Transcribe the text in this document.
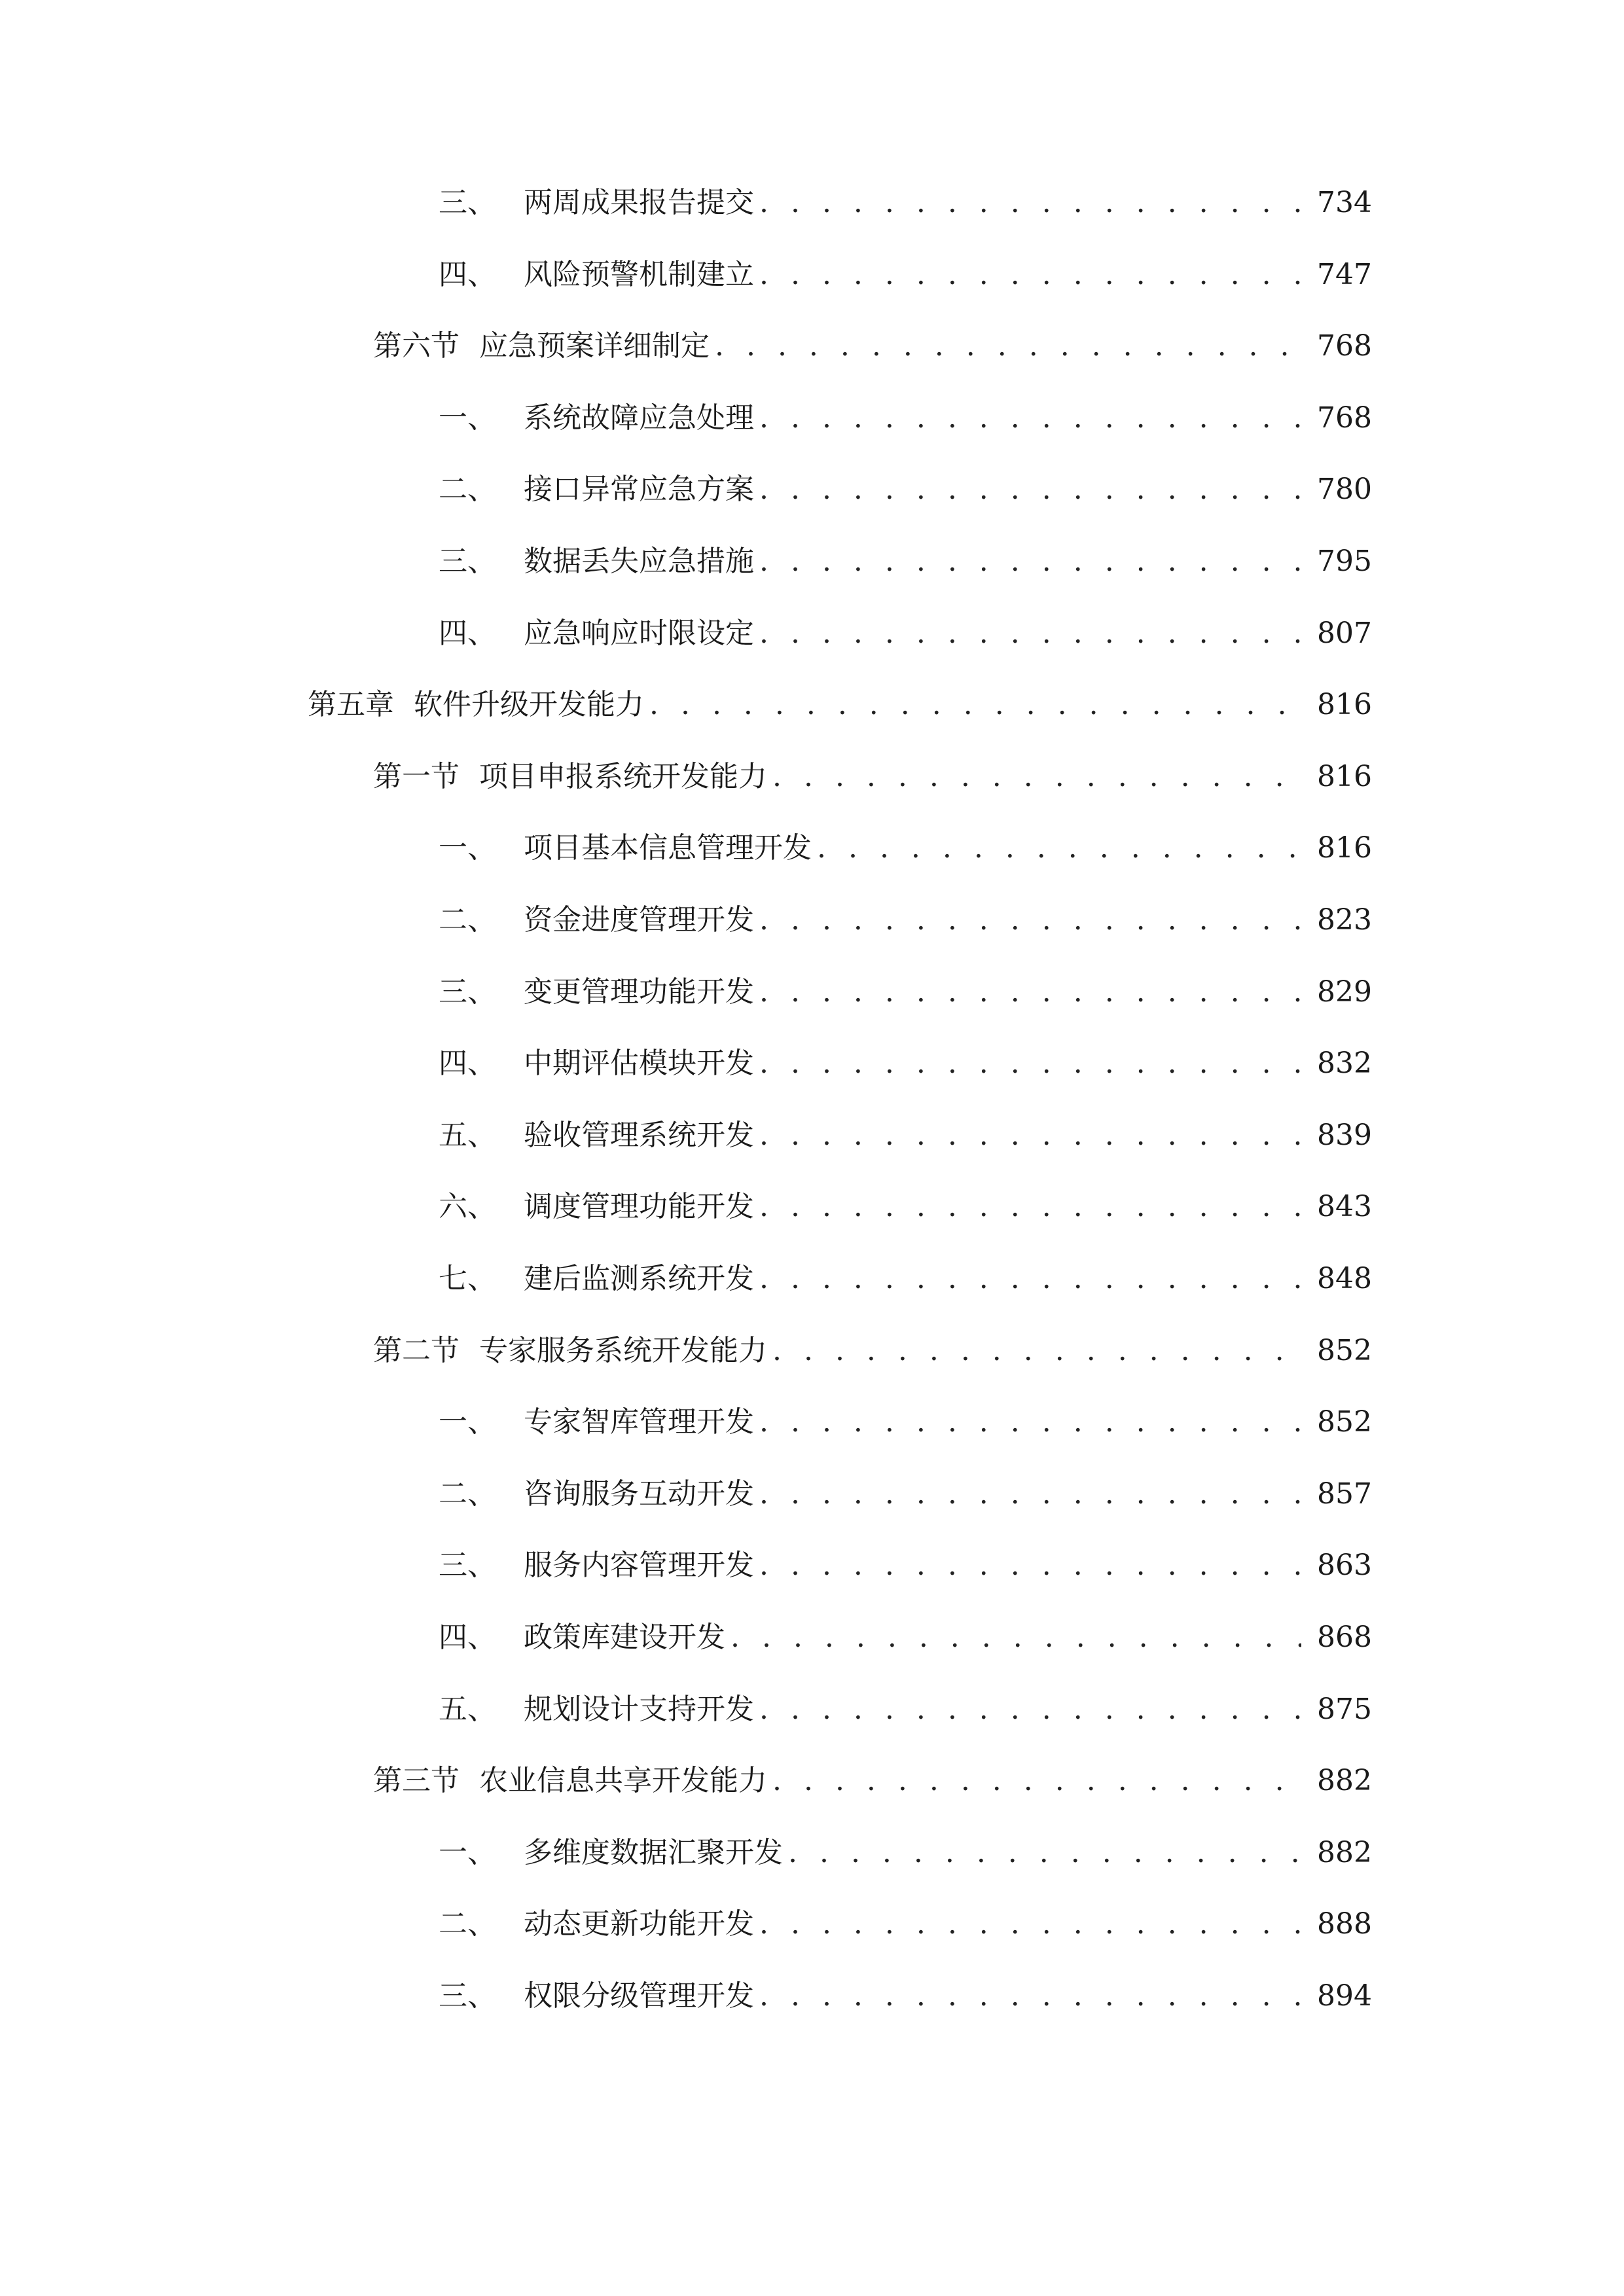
三、 两周成果报告提交 . . .	734
四、 风险预警机制建立 . . .	747
第六节 应急预案详细制定 . . .	768
一、 系统故障应急处理 . . .	768
二、 接口异常应急方案 . . .	780
三、 数据丢失应急措施 . . .	795
四、 应急响应时限设定 . . .	807
第五章 软件升级开发能力 . . .	816
第一节 项目申报系统开发能力 . . .	816
一、 项目基本信息管理开发 . . .	816
二、 资金进度管理开发 . . .	823
三、 变更管理功能开发 . . .	829
四、 中期评估模块开发 . . .	832
五、 验收管理系统开发 . . .	839
六、 调度管理功能开发 . . .	843
七、 建后监测系统开发 . . .	848
第二节 专家服务系统开发能力 . . .	852
一、 专家智库管理开发 . . .	852
二、 咨询服务互动开发 . . .	857
三、 服务内容管理开发 . . .	863
四、 政策库建设开发 . . .	868
五、 规划设计支持开发 . . .	875
第三节 农业信息共享开发能力 . . .	882
一、 多维度数据汇聚开发 . . .	882
二、 动态更新功能开发 . . .	888
三、 权限分级管理开发 . . .	894
